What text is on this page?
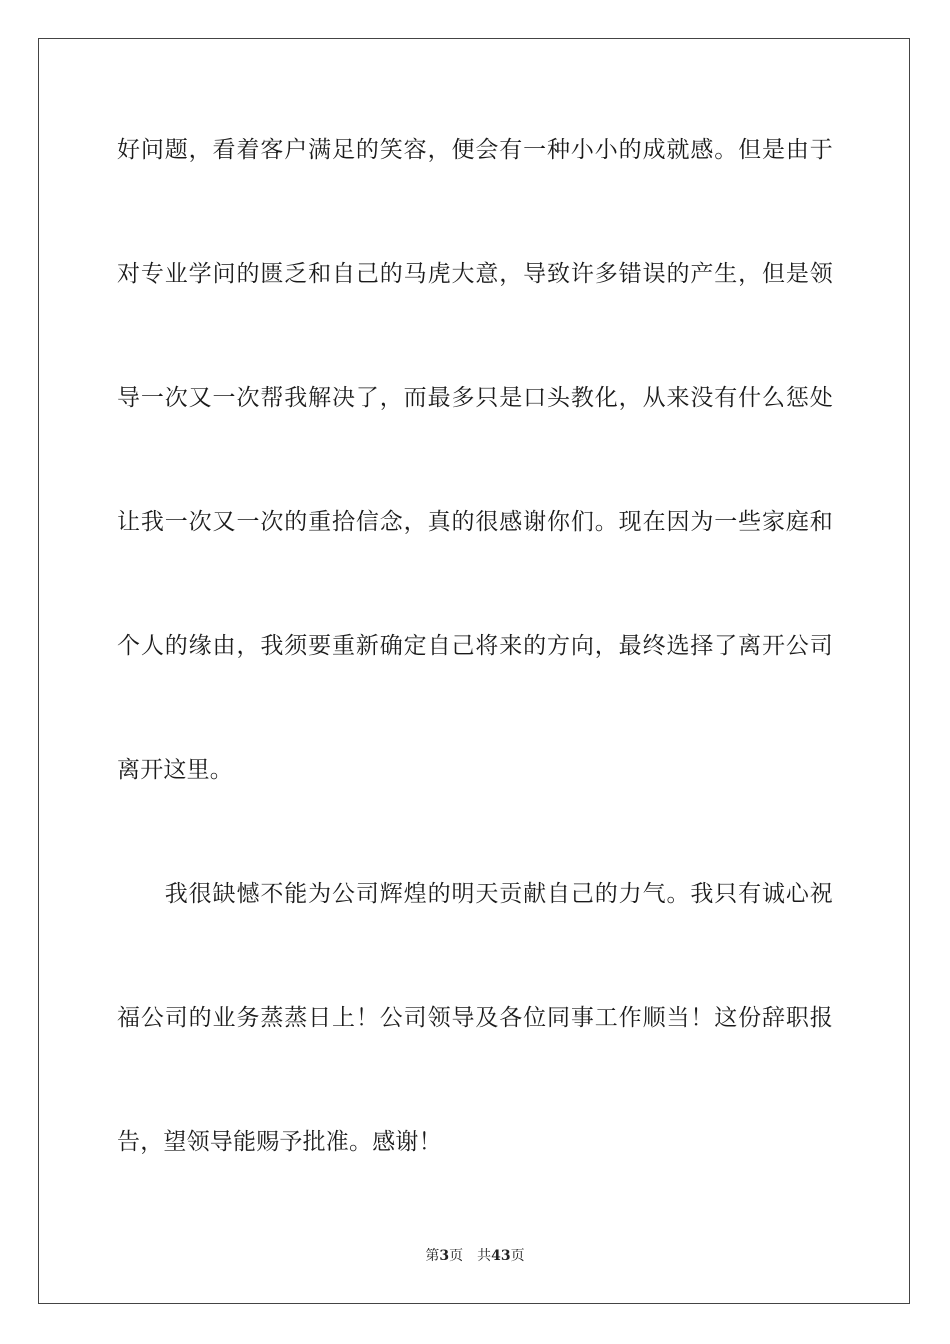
好问题，看着客户满足的笑容，便会有一种小小的成就感。但是由于
对专业学问的匮乏和自己的马虎大意，导致许多错误的产生，但是领
导一次又一次帮我解决了，而最多只是口头教化，从来没有什么惩处
让我一次又一次的重拾信念，真的很感谢你们。现在因为一些家庭和
个人的缘由，我须要重新确定自己将来的方向，最终选择了离开公司
离开这里。
　　我很缺憾不能为公司辉煌的明天贡献自己的力气。我只有诚心祝
福公司的业务蒸蒸日上！公司领导及各位同事工作顺当！这份辞职报
告，望领导能赐予批准。感谢！
第3页 共43页
